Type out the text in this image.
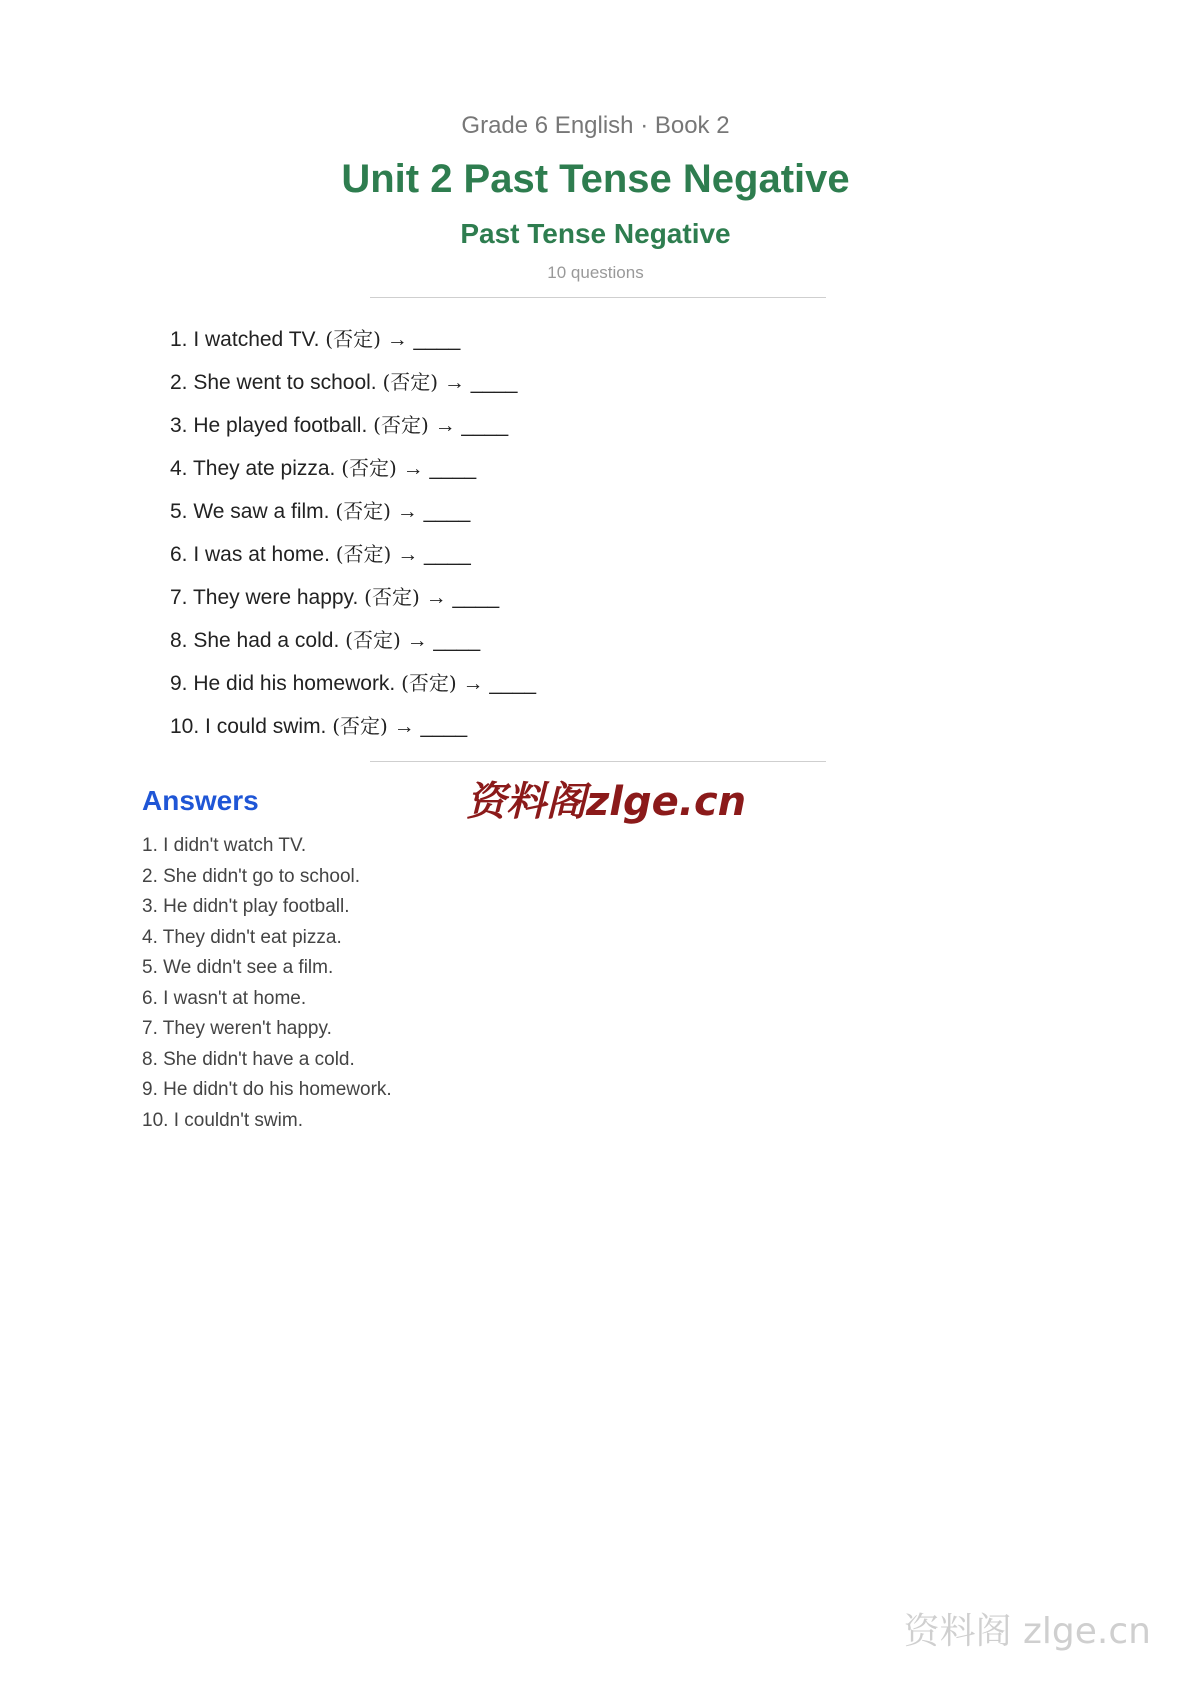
Grade 6 English · Book 2
Unit 2 Past Tense Negative
Past Tense Negative
10 questions
1. I watched TV. (否定) → ____
2. She went to school. (否定) → ____
3. He played football. (否定) → ____
4. They ate pizza. (否定) → ____
5. We saw a film. (否定) → ____
6. I was at home. (否定) → ____
7. They were happy. (否定) → ____
8. She had a cold. (否定) → ____
9. He did his homework. (否定) → ____
10. I could swim. (否定) → ____
Answers	资料阁zlge.cn
1. I didn't watch TV.
2. She didn't go to school.
3. He didn't play football.
4. They didn't eat pizza.
5. We didn't see a film.
6. I wasn't at home.
7. They weren't happy.
8. She didn't have a cold.
9. He didn't do his homework.
10. I couldn't swim.
资料阁 zlge.cn
